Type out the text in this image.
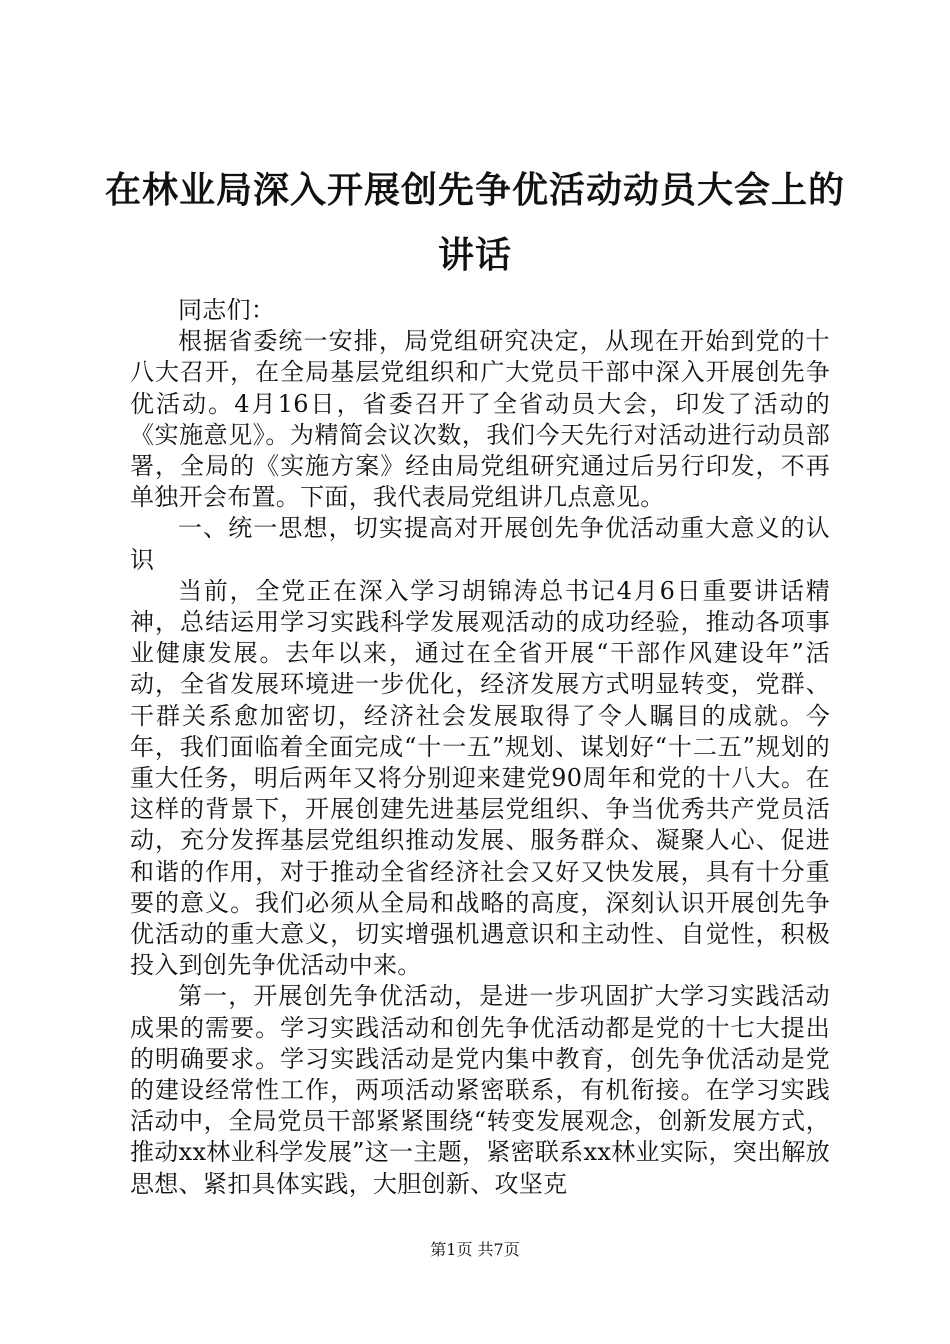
在林业局深入开展创先争优活动动员大会上的
讲话

同志们：

根据省委统一安排，局党组研究决定，从现在开始到党的十八大召开，在全局基层党组织和广大党员干部中深入开展创先争优活动。4月16日，省委召开了全省动员大会，印发了活动的《实施意见》。为精简会议次数，我们今天先行对活动进行动员部署，全局的《实施方案》经由局党组研究通过后另行印发，不再单独开会布置。下面，我代表局党组讲几点意见。

一、统一思想，切实提高对开展创先争优活动重大意义的认识

当前，全党正在深入学习胡锦涛总书记4月6日重要讲话精神，总结运用学习实践科学发展观活动的成功经验，推动各项事业健康发展。去年以来，通过在全省开展“干部作风建设年”活动，全省发展环境进一步优化，经济发展方式明显转变，党群、干群关系愈加密切，经济社会发展取得了令人瞩目的成就。今年，我们面临着全面完成“十一五”规划、谋划好“十二五”规划的重大任务，明后两年又将分别迎来建党90周年和党的十八大。在这样的背景下，开展创建先进基层党组织、争当优秀共产党员活动，充分发挥基层党组织推动发展、服务群众、凝聚人心、促进和谐的作用，对于推动全省经济社会又好又快发展，具有十分重要的意义。我们必须从全局和战略的高度，深刻认识开展创先争优活动的重大意义，切实增强机遇意识和主动性、自觉性，积极投入到创先争优活动中来。

第一，开展创先争优活动，是进一步巩固扩大学习实践活动成果的需要。学习实践活动和创先争优活动都是党的十七大提出的明确要求。学习实践活动是党内集中教育，创先争优活动是党的建设经常性工作，两项活动紧密联系，有机衔接。在学习实践活动中，全局党员干部紧紧围绕“转变发展观念，创新发展方式，推动xx林业科学发展”这一主题，紧密联系xx林业实际，突出解放思想、紧扣具体实践，大胆创新、攻坚克

第1页 共7页
